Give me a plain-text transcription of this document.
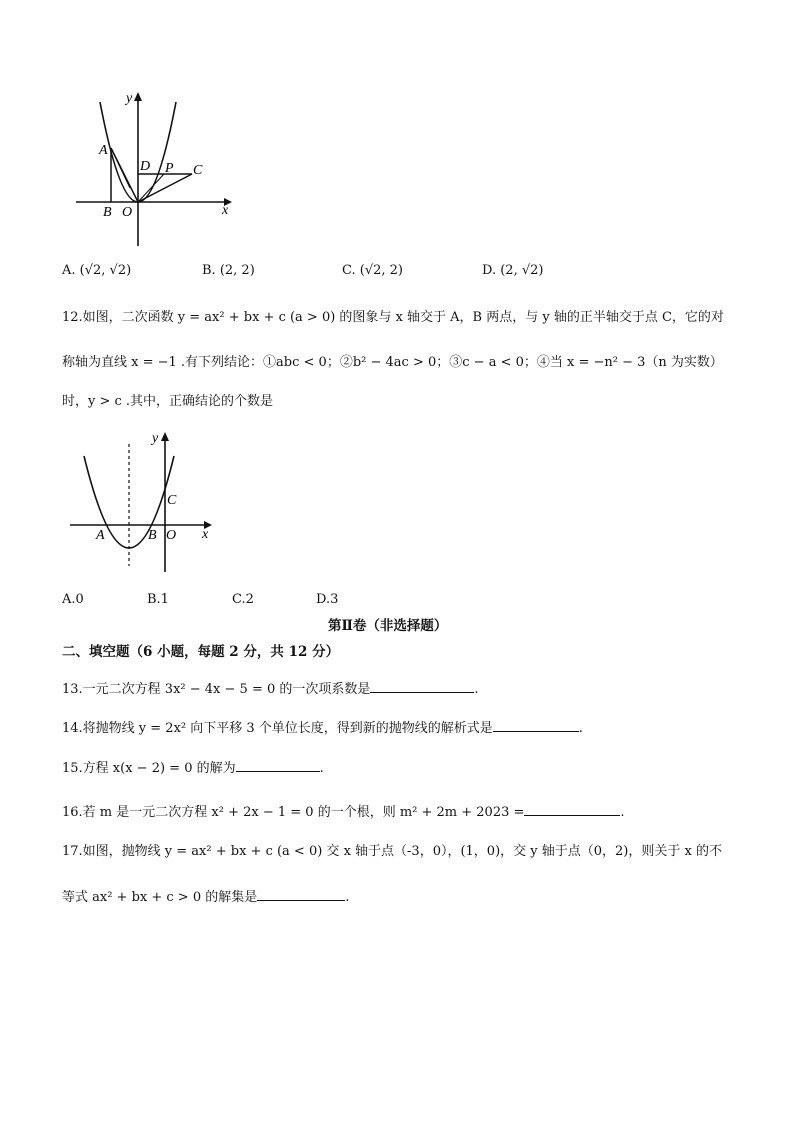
y
x
A
B O
D P C
A. (√2, √2)	B. (2, 2)	C. (√2, 2)	D. (2, √2)
12.如图，二次函数 y = ax² + bx + c (a > 0) 的图象与 x 轴交于 A，B 两点，与 y 轴的正半轴交于点 C，它的对
称轴为直线 x = −1 .有下列结论：①abc < 0；②b² − 4ac > 0；③c − a < 0；④当 x = −n² − 3（n 为实数）
时，y > c .其中，正确结论的个数是
y
x
A	B O
C
A.0	B.1	C.2	D.3
第Ⅱ卷（非选择题）
二、填空题（6 小题，每题 2 分，共 12 分）
13.一元二次方程 3x² − 4x − 5 = 0 的一次项系数是	.
14.将抛物线 y = 2x² 向下平移 3 个单位长度，得到新的抛物线的解析式是	.
15.方程 x(x − 2) = 0 的解为	.
16.若 m 是一元二次方程 x² + 2x − 1 = 0 的一个根，则 m² + 2m + 2023 =	.
17.如图，抛物线 y = ax² + bx + c (a < 0) 交 x 轴于点（-3，0），(1，0)，交 y 轴于点（0，2)，则关于 x 的不
等式 ax² + bx + c > 0 的解集是	.
